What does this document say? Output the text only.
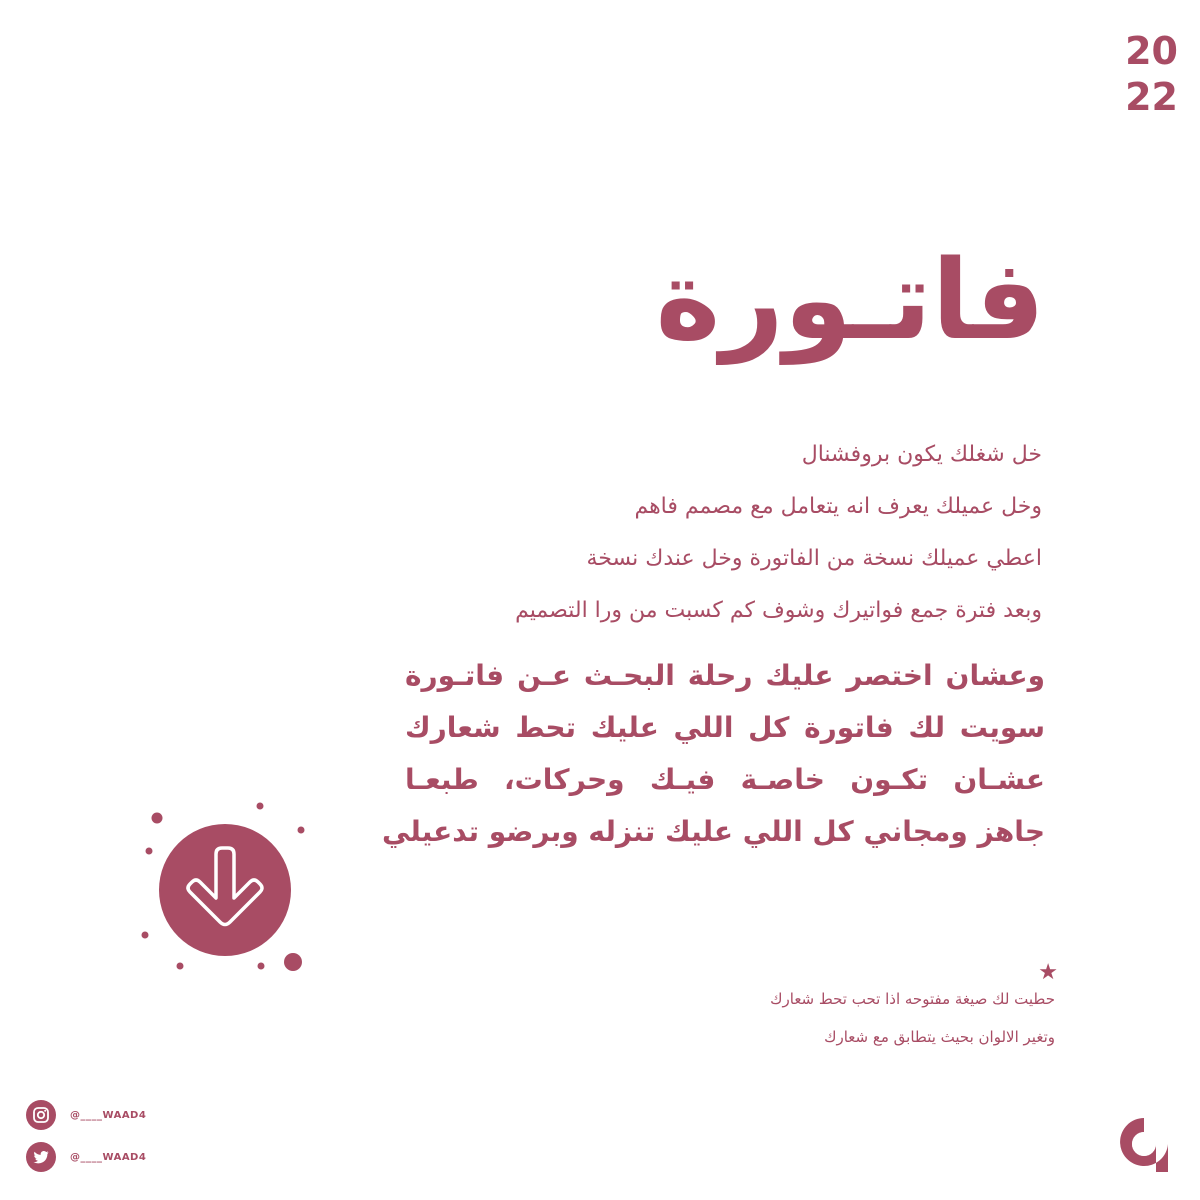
20
22
فاتـورة
خل شغلك يكون بروفشنال
وخل عميلك يعرف انه يتعامل مع مصمم فاهم
اعطي عميلك نسخة من الفاتورة وخل عندك نسخة
وبعد فترة جمع فواتيرك وشوف كم كسبت من ورا التصميم
وعشان اختصر عليك رحلة البحـث عـن فاتـورة
سويت لك فاتورة كل اللي عليك تحط شعارك
عشـان تكـون خاصـة فيـك وحركات، طبعـا
جاهز ومجاني كل اللي عليك تنزله وبرضو تدعيلي
★
حطيت لك صيغة مفتوحه اذا تحب تحط شعارك
وتغير الالوان بحيث يتطابق مع شعارك
@____WAAD4
@____WAAD4
